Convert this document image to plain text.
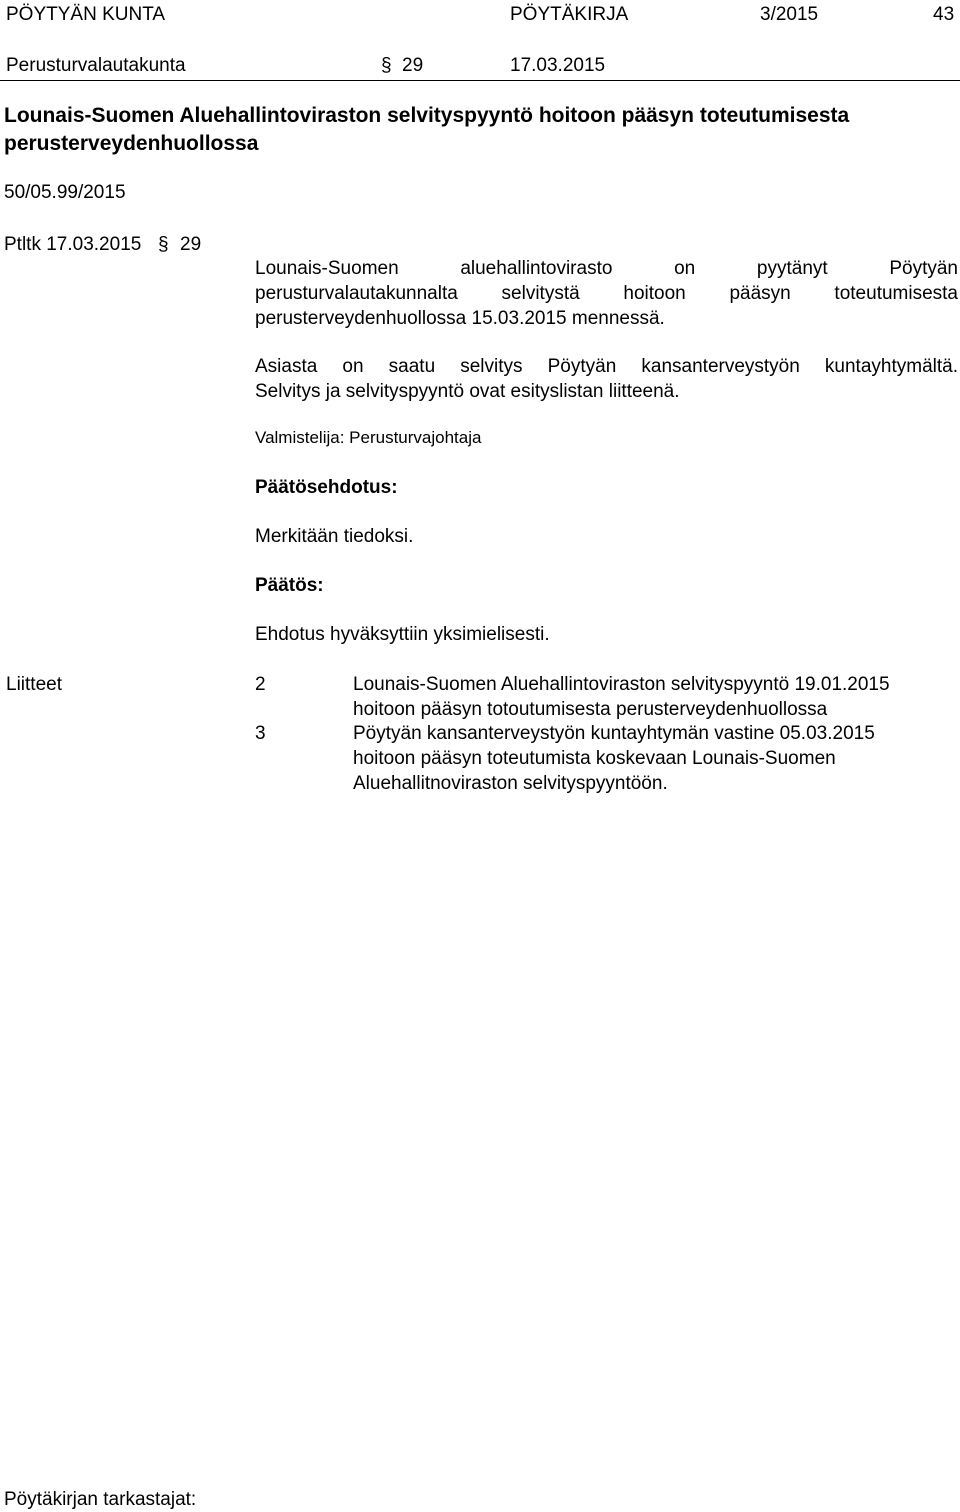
PÖYTYÄN KUNTA	PÖYTÄKIRJA	3/2015	43
Perusturvalautakunta	§ 29	17.03.2015
Lounais-Suomen Aluehallintoviraston selvityspyyntö hoitoon pääsyn toteutumisesta
perusterveydenhuollossa
50/05.99/2015
Ptltk 17.03.2015 § 29
Lounais-Suomen aluehallintovirasto on pyytänyt Pöytyän
perusturvalautakunnalta selvitystä hoitoon pääsyn toteutumisesta
perusterveydenhuollossa 15.03.2015 mennessä.
Asiasta on saatu selvitys Pöytyän kansanterveystyön kuntayhtymältä.
Selvitys ja selvityspyyntö ovat esityslistan liitteenä.
Valmistelija: Perusturvajohtaja
Päätösehdotus:
Merkitään tiedoksi.
Päätös:
Ehdotus hyväksyttiin yksimielisesti.
Liitteet	2	Lounais-Suomen Aluehallintoviraston selvityspyyntö 19.01.2015
hoitoon pääsyn totoutumisesta perusterveydenhuollossa
3	Pöytyän kansanterveystyön kuntayhtymän vastine 05.03.2015
hoitoon pääsyn toteutumista koskevaan Lounais-Suomen
Aluehallitnoviraston selvityspyyntöön.
Pöytäkirjan tarkastajat:
